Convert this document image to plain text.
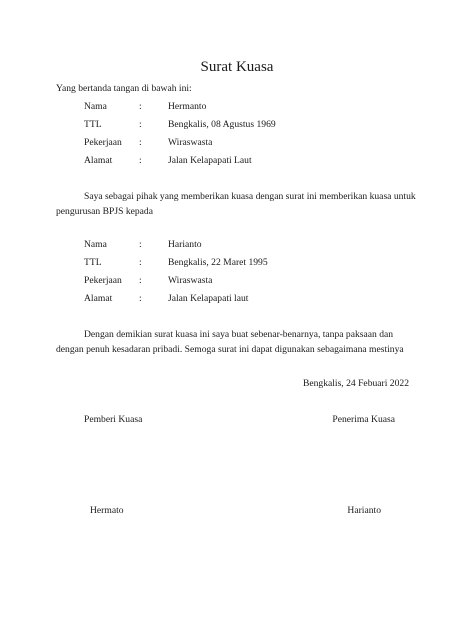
Surat Kuasa
Yang bertanda tangan di bawah ini:
Nama	:	Hermanto
TTL	:	Bengkalis, 08 Agustus 1969
Pekerjaan :	Wiraswasta
Alamat	:	Jalan Kelapapati Laut
Saya sebagai pihak yang memberikan kuasa dengan surat ini memberikan kuasa untuk pengurusan BPJS kepada
Nama	:	Harianto
TTL	:	Bengkalis, 22 Maret 1995
Pekerjaan :	Wiraswasta
Alamat	:	Jalan Kelapapati laut
Dengan demikian surat kuasa ini saya buat sebenar-benarnya, tanpa paksaan dan dengan penuh kesadaran pribadi. Semoga surat ini dapat digunakan sebagaimana mestinya
Bengkalis, 24 Febuari 2022
Pemberi Kuasa	Penerima Kuasa
Hermato	Harianto
